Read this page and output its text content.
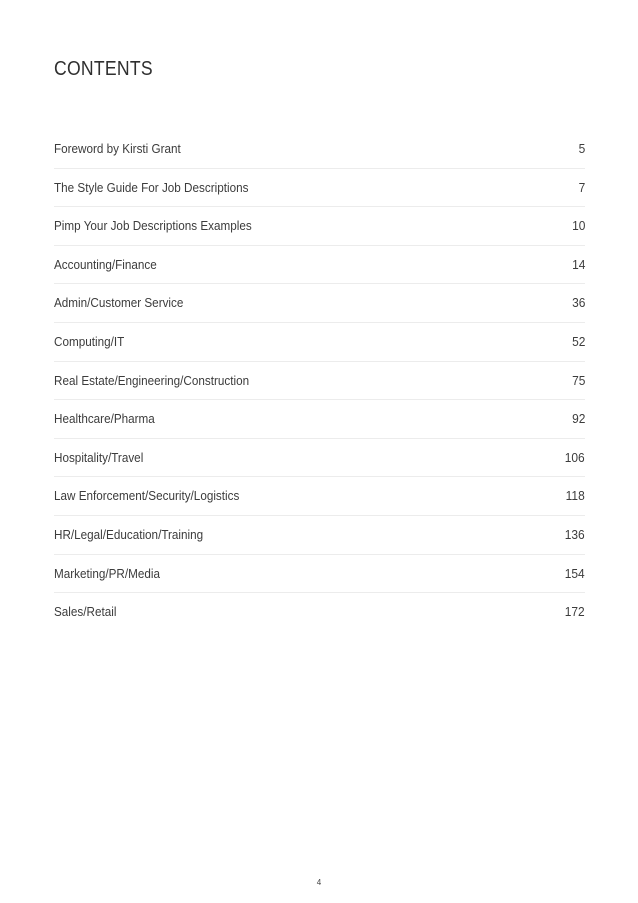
CONTENTS
Foreword by Kirsti Grant	5
The Style Guide For Job Descriptions	7
Pimp Your Job Descriptions Examples	10
Accounting/Finance	14
Admin/Customer Service	36
Computing/IT	52
Real Estate/Engineering/Construction	75
Healthcare/Pharma	92
Hospitality/Travel	106
Law Enforcement/Security/Logistics	118
HR/Legal/Education/Training	136
Marketing/PR/Media	154
Sales/Retail	172
4
